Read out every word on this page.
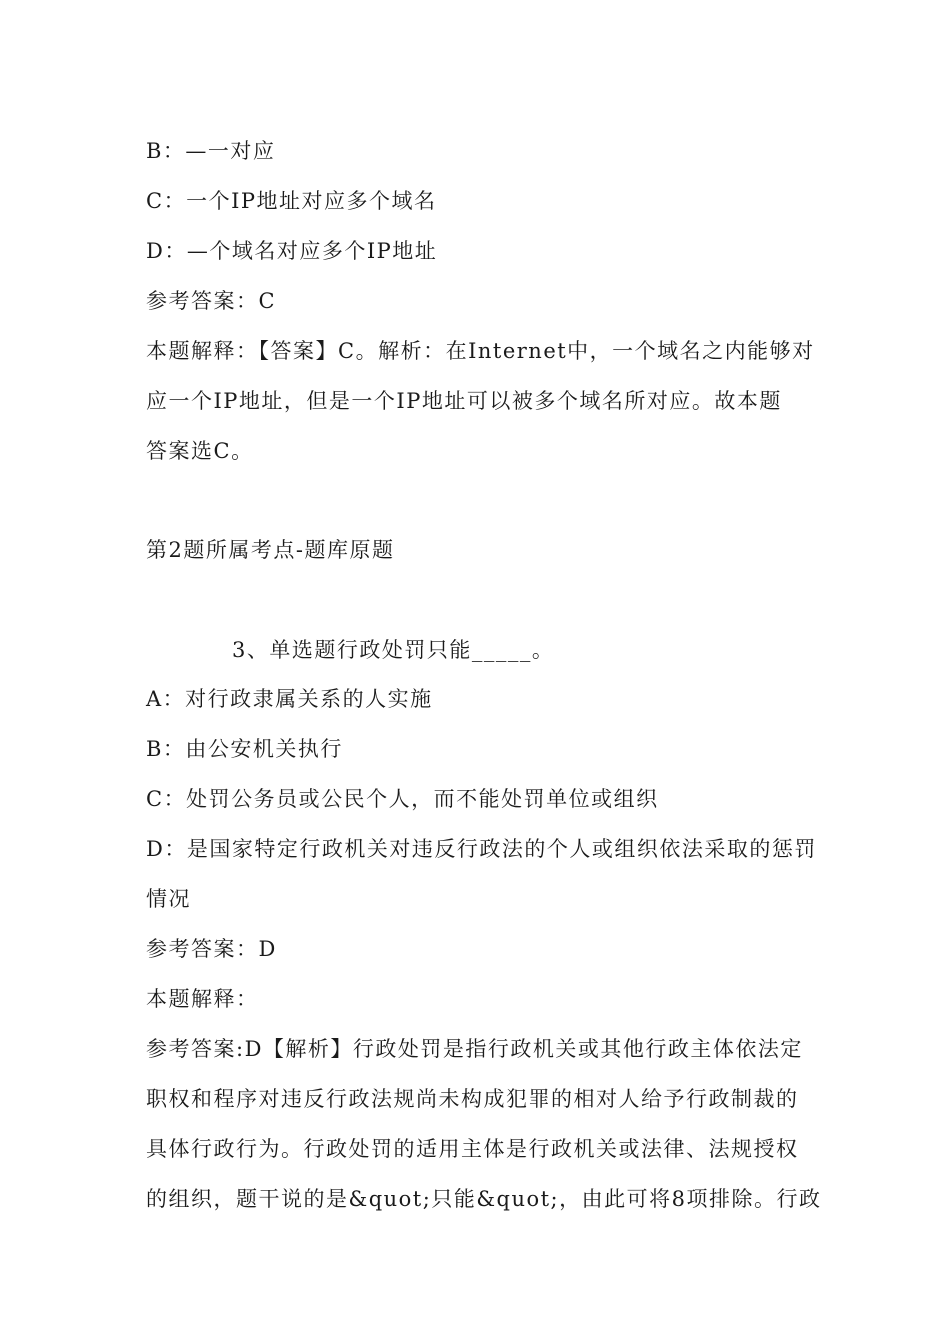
B：—一对应
C：一个IP地址对应多个域名
D：—个域名对应多个IP地址
参考答案：C
本题解释：【答案】C。解析：在Internet中，一个域名之内能够对
应一个IP地址，但是一个IP地址可以被多个域名所对应。故本题
答案选C。
第2题所属考点-题库原题
3、单选题行政处罚只能_____。
A：对行政隶属关系的人实施
B：由公安机关执行
C：处罚公务员或公民个人，而不能处罚单位或组织
D：是国家特定行政机关对违反行政法的个人或组织依法采取的惩罚
情况
参考答案：D
本题解释：
参考答案:D【解析】行政处罚是指行政机关或其他行政主体依法定
职权和程序对违反行政法规尚未构成犯罪的相对人给予行政制裁的
具体行政行为。行政处罚的适用主体是行政机关或法律、法规授权
的组织，题干说的是&quot;只能&quot;，由此可将8项排除。行政
